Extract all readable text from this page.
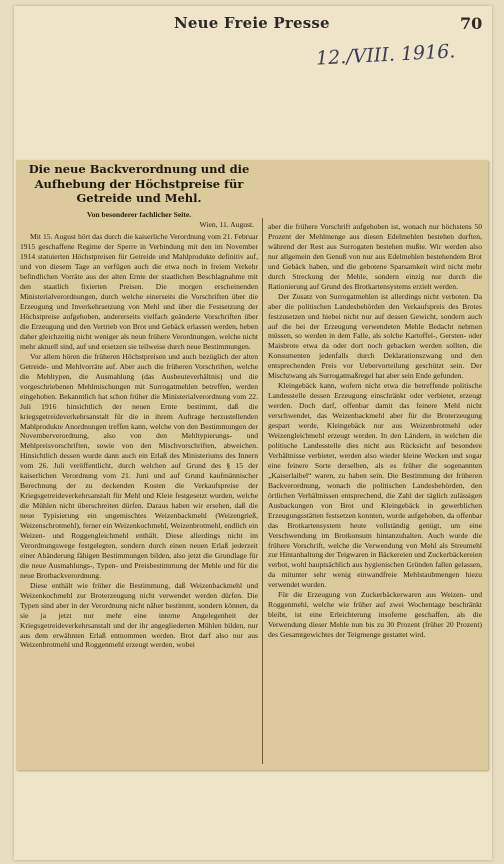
Neue Freie Presse	70
12./VIII. 1916.
Die neue Backverordnung und die Aufhebung der Höchstpreise für Getreide und Mehl.
Von besonderer fachlicher Seite.
Wien, 11. August.

Mit 15. August hört das durch die kaiserliche Verordnung vom 21. Februar 1915 geschaffene Regime der Sperre in Verbindung mit den im November 1914 statuierten Höchstpreisen für Getreide und Mahlprodukte definitiv auf, und von diesem Tage an verfügen auch die etwa noch in freiem Verkehr befindlichen Vorräte aus der alten Ernte der staatlichen Beschlagnahme mit den staatlich fixierten Preisen. Die morgen erscheinenden Ministerialverordnungen, durch welche einerseits die Vorschriften über die Erzeugung und Inverkehrsetzung von Mehl und über die Festsetzung der Höchstpreise aufgehoben, andererseits vielfach geänderte Vorschriften über die Erzeugung und den Vertrieb von Brot und Gebäck erlassen werden, heben daher gleichzeitig nicht weniger als neun frühere Verordnungen, welche nicht mehr aktuell sind, auf und ersetzen sie teilweise durch neue Bestimmungen.

Vor allem hören die früheren Höchstpreisen und auch bezüglich der alten Getreide- und Mehlvorräte auf. Aber auch die früheren Vorschriften, welche die Mehltypen, die Ausmahlung (das Ausbeuteverhältnis) und die vorgeschriebenen Mehlmischungen mit Surrogatmehlen betreffen, werden eingehoben. Bekanntlich hat schon früher die Ministerialverordnung vom 22. Juli 1916 hinsichtlich der neuen Ernte bestimmt, daß die kriegsgetreideverkehrsanstalt für die in ihrem Auftrage herzustellenden Mahlprodukte Anordnungen treffen kann, welche von den Bestimmungen der Novemberverordnung, also von den Mehltypierungs- und Mehlpreisvorschriften, sowie von den Mischvorschriften, abweichen. Hinsichtlich dessen wurde dann auch ein Erlaß des Ministeriums des Innern vom 26. Juli veröffentlicht, durch welchen auf Grund des § 15 der kaiserlichen Verordnung vom 21. Juni und auf Grund kaufmännischer Berechnung der zu deckenden Kosten die Verkaufspreise der Kriegsgetreideverkehrsanstalt für Mehl und Kleie festgesetzt wurden, welche die Mühlen nicht überschreiten dürfen. Daraus haben wir ersehen, daß die neue Typisierung ein ungemischtes Weizenbackmehl (Weizengrieß, Weizenschrotmehl), ferner ein Weizenkochmehl, Weizenbrotmehl, endlich ein Weizen- und Roggengleichmehl enthält. Diese allerdings nicht im Verordnungswege festgelegten, sondern durch einen neuen Erlaß jederzeit einer Abänderung fähigen Bestimmungen bilden, also jetzt die Grundlage für die neue Ausmahlungs-, Typen- und Preisbestimmung der Mehle und für die neue Brotbackverordnung.

Diese enthält wie früher die Bestimmung, daß Weizenbackmehl und Weizenkochmehl zur Broterzeugung nicht verwendet werden dürfen. Die Typen sind aber in der Verordnung nicht näher bestimmt, sondern können, da sie ja jetzt nur mehr eine interne Angelegenheit der Kriegsgetreideverkehrsanstalt und der ihr angegliederten Mühlen bilden, nur aus dem erwähnten Erlaß entnommen werden. Brot darf also nur aus Weizenbrotmehl und Roggenmehl erzeugt werden, wobei

aber die frühere Vorschrift aufgehoben ist, wonach nur höchstens 50 Prozent der Mehlmenge aus diesen Edelmehlen bestehen durften, während der Rest aus Surrogaten bestehen mußte. Wir werden also nur allgemein den Genuß von nur aus Edelmehlen bestehendem Brot und Gebäck haben, und die gebotene Sparsamkeit wird nicht mehr durch Streckung der Mehle, sondern einzig nur durch die Rationierung auf Grund des Brotkartensystems erzielt werden.

Der Zusatz von Surrogatmehlen ist allerdings nicht verboten. Da aber die politischen Landesbehörden den Verkaufspreis des Brotes festzusetzen und hiebei nicht nur auf dessen Gewicht, sondern auch auf die bei der Erzeugung verwendeten Mehle Bedacht nehmen müssen, so werden in dem Falle, als solche Kartoffel-, Gersten- oder Maisbrote etwa da oder dort noch gebacken werden sollten, die Konsumenten jedenfalls durch Deklarationszwang und den entsprechenden Preis vor Uebervorteilung geschützt sein. Der Mischzwang als Surrogatmaßregel hat aber sein Ende gefunden.

Kleingebäck kann, wofern nicht etwa die betreffende politische Landesstelle dessen Erzeugung einschränkt oder verbietet, erzeugt werden. Doch darf, offenbar damit das feinere Mehl nicht verschwendet, das Weizenbackmehl aber für die Broterzeugung gespart werde, Kleingebäck nur aus Weizenbrotmehl oder Weizengleichmehl erzeugt werden. In den Ländern, in welchen die politische Landesstelle dies nicht aus Rücksicht auf besondere Verhältnisse verbietet, werden also wieder kleine Wecken und sogar eine feinere Sorte derselben, als es früher die sogenannten „Kaiserlaibel“ waren, zu haben sein. Die Bestimmung der früheren Backverordnung, wonach die politischen Landesbehörden, den örtlichen Verhältnissen entsprechend, die Zahl der täglich zulässigen Ausbackungen von Brot und Kleingebäck in gewerblichen Erzeugungsstätten festsetzen konnten, wurde aufgehoben, da offenbar das Brotkartensystem heute vollständig genügt, um eine Verschwendung im Brotkonsum hintanzuhalten. Auch wurde die frühere Vorschrift, welche die Verwendung von Mehl als Streumehl zur Hintanhaltung der Teigwaren in Bäckereien und Zuckerbäckereien verbot, wohl hauptsächlich aus hygienischen Gründen fallen gelassen, da mitunter sehr wenig einwandfreie Mehlstaubmengen hiezu verwendet wurden.

Für die Erzeugung von Zuckerbäckerwaren aus Weizen- und Roggenmehl, welche wie früher auf zwei Wochentage beschränkt bleibt, ist eine Erleichterung insoferne geschaffen, als die Verwendung dieser Mehle nun bis zu 30 Prozent (früher 20 Prozent) des Gesamtgewichtes der Teigmenge gestattet wird.
